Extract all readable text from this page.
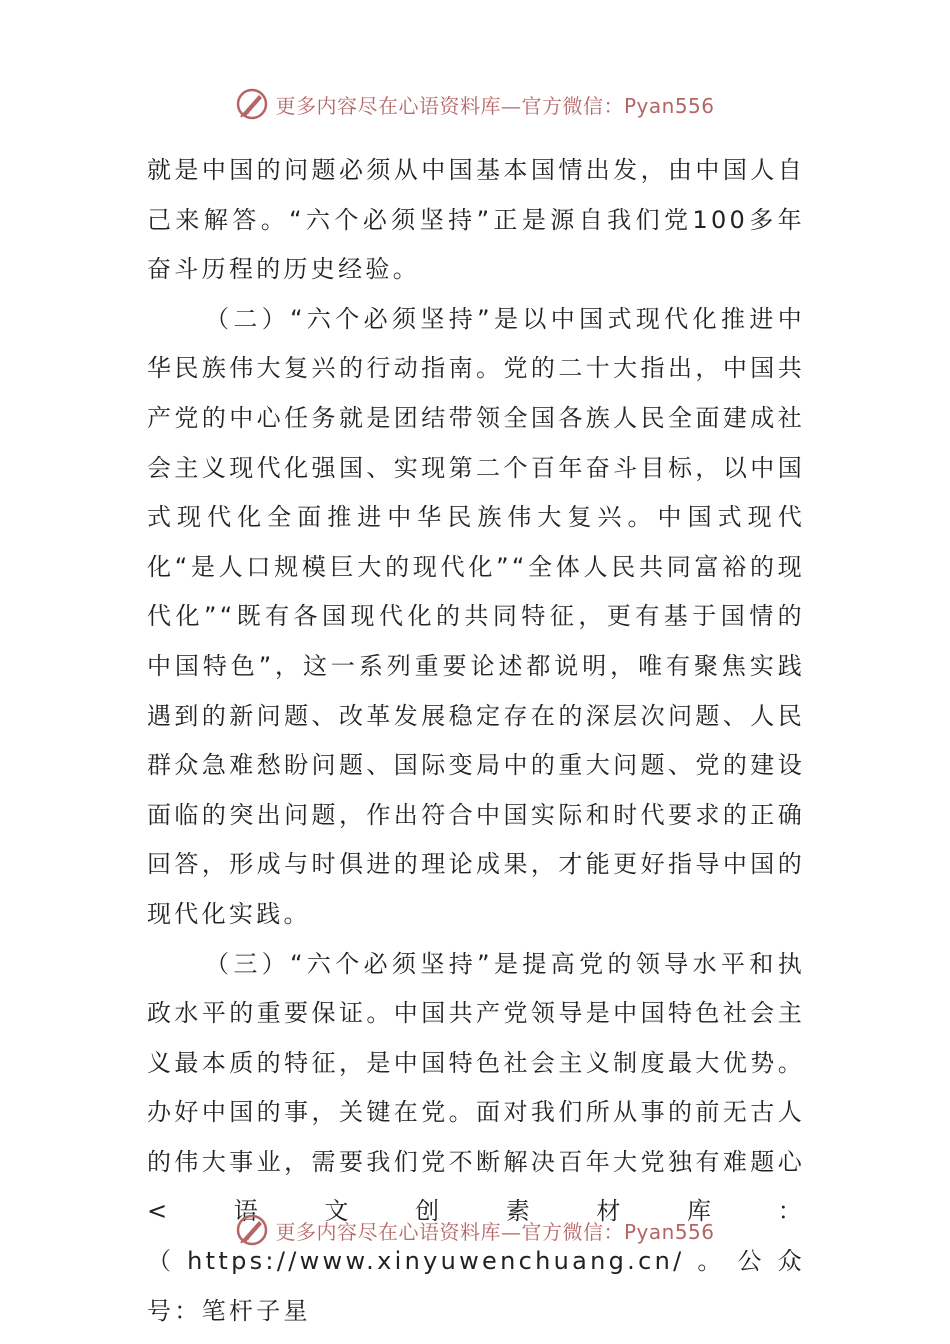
更多内容尽在心语资料库—官方微信：Pyan556

就是中国的问题必须从中国基本国情出发，由中国人自己来解答。“六个必须坚持”正是源自我们党100多年奋斗历程的历史经验。

（二）“六个必须坚持”是以中国式现代化推进中华民族伟大复兴的行动指南。党的二十大指出，中国共产党的中心任务就是团结带领全国各族人民全面建成社会主义现代化强国、实现第二个百年奋斗目标，以中国式现代化全面推进中华民族伟大复兴。中国式现代化“是人口规模巨大的现代化”“全体人民共同富裕的现代化”“既有各国现代化的共同特征，更有基于国情的中国特色”，这一系列重要论述都说明，唯有聚焦实践遇到的新问题、改革发展稳定存在的深层次问题、人民群众急难愁盼问题、国际变局中的重大问题、党的建设面临的突出问题，作出符合中国实际和时代要求的正确回答，形成与时俱进的理论成果，才能更好指导中国的现代化实践。

（三）“六个必须坚持”是提高党的领导水平和执政水平的重要保证。中国共产党领导是中国特色社会主义最本质的特征，是中国特色社会主义制度最大优势。办好中国的事，关键在党。面对我们所从事的前无古人的伟大事业，需要我们党不断解决百年大党独有难题心<语文创素材库：（https://www.xinyuwenchuang.cn/。公众号：笔杆子星

更多内容尽在心语资料库—官方微信：Pyan556
